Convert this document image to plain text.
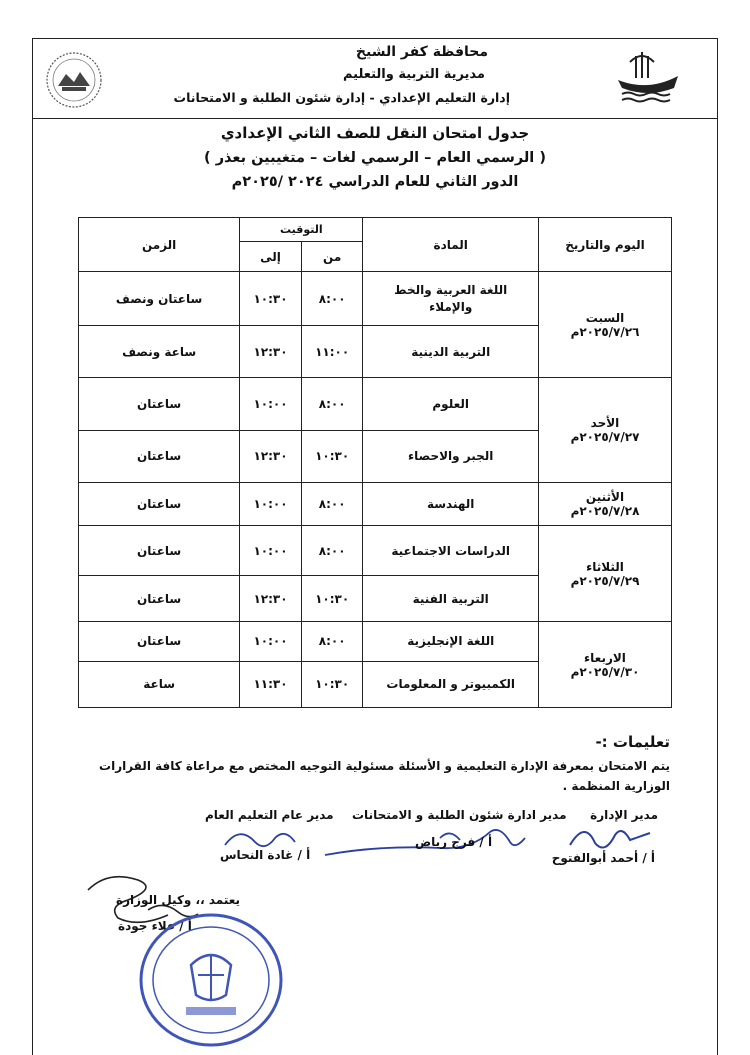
محافظة كفر الشيخ
مديرية التربية والتعليم
إدارة التعليم الإعدادي - إدارة شئون الطلبة و الامتحانات
جدول امتحان النقل للصف الثاني الإعدادي
( الرسمي العام – الرسمي لغات – متغيبين بعذر )
الدور الثاني للعام الدراسي ٢٠٢٤ /٢٠٢٥م
اليوم والتاريخ	المادة	التوقيت		الزمن
		من	إلى	

السبت
٢٠٢٥/٧/٢٦م	اللغة العربية والخط والإملاء	٨:٠٠	١٠:٣٠	ساعتان ونصف
	التربية الدينية	١١:٠٠	١٢:٣٠	ساعة ونصف

الأحد
٢٠٢٥/٧/٢٧م	العلوم	٨:٠٠	١٠:٠٠	ساعتان
	الجبر والاحصاء	١٠:٣٠	١٢:٣٠	ساعتان

الأثنين
٢٠٢٥/٧/٢٨م	الهندسة	٨:٠٠	١٠:٠٠	ساعتان

الثلاثاء
٢٠٢٥/٧/٢٩م	الدراسات الاجتماعية	٨:٠٠	١٠:٠٠	ساعتان
	التربية الفنية	١٠:٣٠	١٢:٣٠	ساعتان

الاربعاء
٢٠٢٥/٧/٣٠م	اللغة الإنجليزية	٨:٠٠	١٠:٠٠	ساعتان
	الكمبيوتر و المعلومات	١٠:٣٠	١١:٣٠	ساعة
تعليمات :-
يتم الامتحان بمعرفة الإدارة التعليمية و الأسئلة مسئولية التوجيه المختص مع مراعاة كافة القرارات الوزارية المنظمة .
مدير الإدارة
مدير ادارة شئون الطلبة و الامتحانات
مدير عام التعليم العام
أ / أحمد أبوالفتوح
أ / فرج رياض
أ / غادة النحاس
يعتمد ،، وكيل الوزارة
أ / علاء جودة
